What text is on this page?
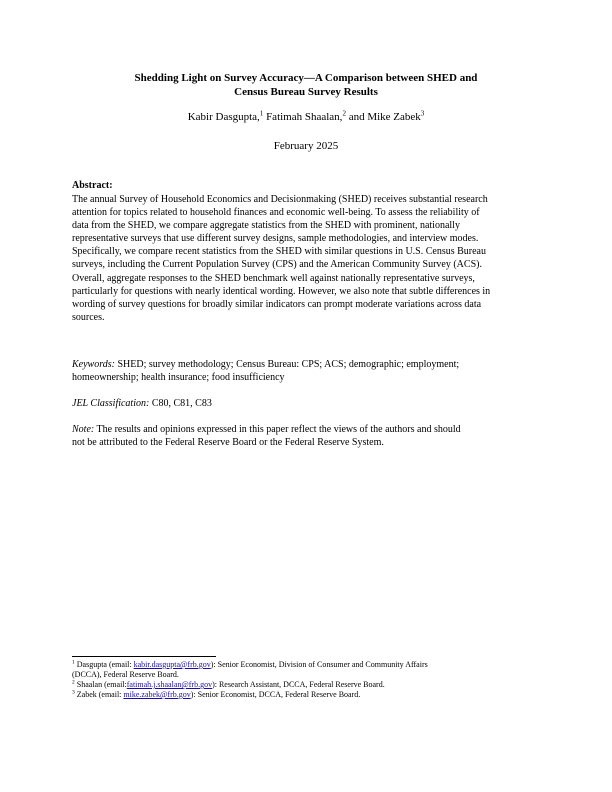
Shedding Light on Survey Accuracy—A Comparison between SHED and
Census Bureau Survey Results
Kabir Dasgupta,$^1$ Fatimah Shaalan,$^2$ and Mike Zabek$^3$
February 2025
Abstract:
The annual Survey of Household Economics and Decisionmaking (SHED) receives substantial research
attention for topics related to household finances and economic well-being. To assess the reliability of
data from the SHED, we compare aggregate statistics from the SHED with prominent, nationally
representative surveys that use different survey designs, sample methodologies, and interview modes.
Specifically, we compare recent statistics from the SHED with similar questions in U.S. Census Bureau
surveys, including the Current Population Survey (CPS) and the American Community Survey (ACS).
Overall, aggregate responses to the SHED benchmark well against nationally representative surveys,
particularly for questions with nearly identical wording. However, we also note that subtle differences in
wording of survey questions for broadly similar indicators can prompt moderate variations across data
sources.
Keywords: SHED; survey methodology; Census Bureau: CPS; ACS; demographic; employment;
homeownership; health insurance; food insufficiency
JEL Classification: C80, C81, C83
Note: The results and opinions expressed in this paper reflect the views of the authors and should
not be attributed to the Federal Reserve Board or the Federal Reserve System.
$^1$ Dasgupta (email: kabir.dasgupta@frb.gov): Senior Economist, Division of Consumer and Community Affairs
(DCCA), Federal Reserve Board.
$^2$ Shaalan (email:fatimah.j.shaalan@frb.gov): Research Assistant, DCCA, Federal Reserve Board.
$^3$ Zabek (email: mike.zabek@frb.gov): Senior Economist, DCCA, Federal Reserve Board.
